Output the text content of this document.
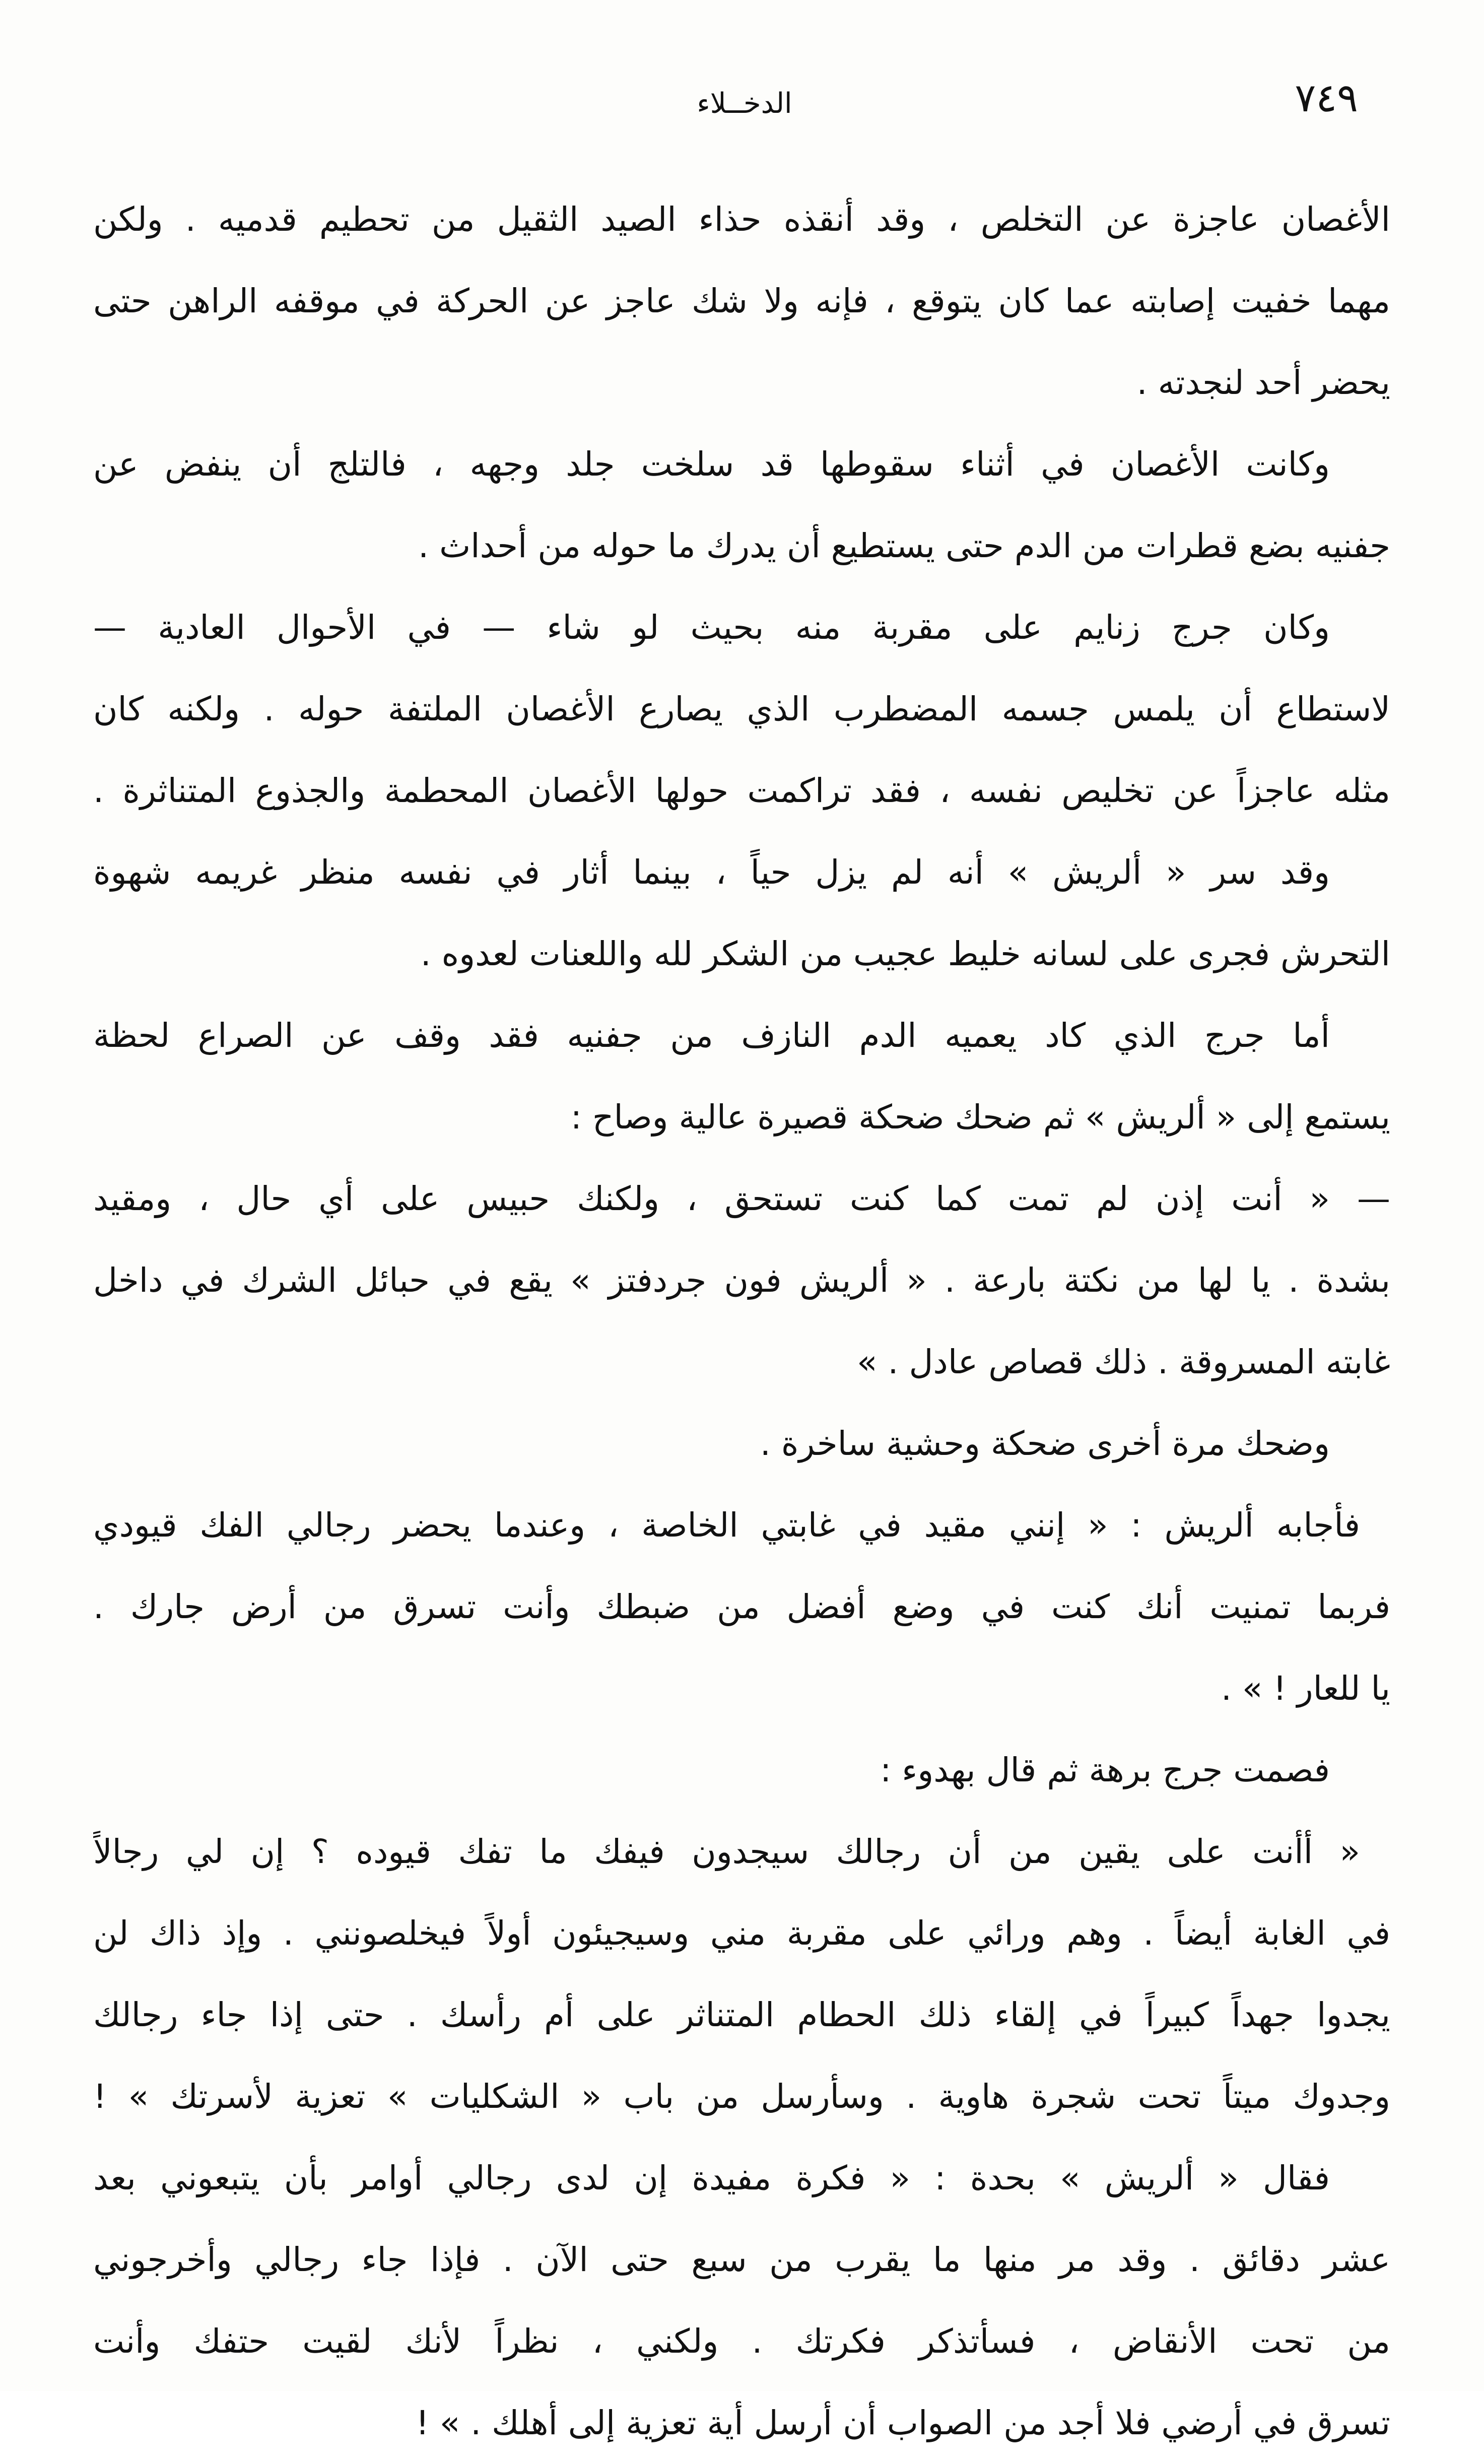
الدخــلاء	٧٤٩
الأغصان عاجزة عن التخلص ، وقد أنقذه حذاء الصيد الثقيل من تحطيم قدميه . ولكن
مهما خفيت إصابته عما كان يتوقع ، فإنه ولا شك عاجز عن الحركة في موقفه الراهن حتى
يحضر أحد لنجدته .
وكانت الأغصان في أثناء سقوطها قد سلخت جلد وجهه ، فالتلج أن ينفض عن
جفنيه بضع قطرات من الدم حتى يستطيع أن يدرك ما حوله من أحداث .
وكان جرج زنايم على مقربة منه بحيث لو شاء — في الأحوال العادية —
لاستطاع أن يلمس جسمه المضطرب الذي يصارع الأغصان الملتفة حوله . ولكنه كان
مثله عاجزاً عن تخليص نفسه ، فقد تراكمت حولها الأغصان المحطمة والجذوع المتناثرة .
وقد سر « ألريش » أنه لم يزل حياً ، بينما أثار في نفسه منظر غريمه شهوة
التحرش فجرى على لسانه خليط عجيب من الشكر لله واللعنات لعدوه .
أما جرج الذي كاد يعميه الدم النازف من جفنيه فقد وقف عن الصراع لحظة
يستمع إلى « ألريش » ثم ضحك ضحكة قصيرة عالية وصاح :
— « أنت إذن لم تمت كما كنت تستحق ، ولكنك حبيس على أي حال ، ومقيد
بشدة . يا لها من نكتة بارعة . « ألريش فون جردفتز » يقع في حبائل الشرك في داخل
غابته المسروقة . ذلك قصاص عادل . »
وضحك مرة أخرى ضحكة وحشية ساخرة .
فأجابه ألريش : « إنني مقيد في غابتي الخاصة ، وعندما يحضر رجالي الفك قيودي
فربما تمنيت أنك كنت في وضع أفضل من ضبطك وأنت تسرق من أرض جارك .
يا للعار ! » .
فصمت جرج برهة ثم قال بهدوء :
« أأنت على يقين من أن رجالك سيجدون فيفك ما تفك قيوده ؟ إن لي رجالاً
في الغابة أيضاً . وهم ورائي على مقربة مني وسيجيئون أولاً فيخلصونني . وإذ ذاك لن
يجدوا جهداً كبيراً في إلقاء ذلك الحطام المتناثر على أم رأسك . حتى إذا جاء رجالك
وجدوك ميتاً تحت شجرة هاوية . وسأرسل من باب « الشكليات » تعزية لأسرتك » !
فقال « ألريش » بحدة : « فكرة مفيدة إن لدى رجالي أوامر بأن يتبعوني بعد
عشر دقائق . وقد مر منها ما يقرب من سبع حتى الآن . فإذا جاء رجالي وأخرجوني
من تحت الأنقاض ، فسأتذكر فكرتك . ولكني ، نظراً لأنك لقيت حتفك وأنت
تسرق في أرضي فلا أجد من الصواب أن أرسل أية تعزية إلى أهلك . » !
